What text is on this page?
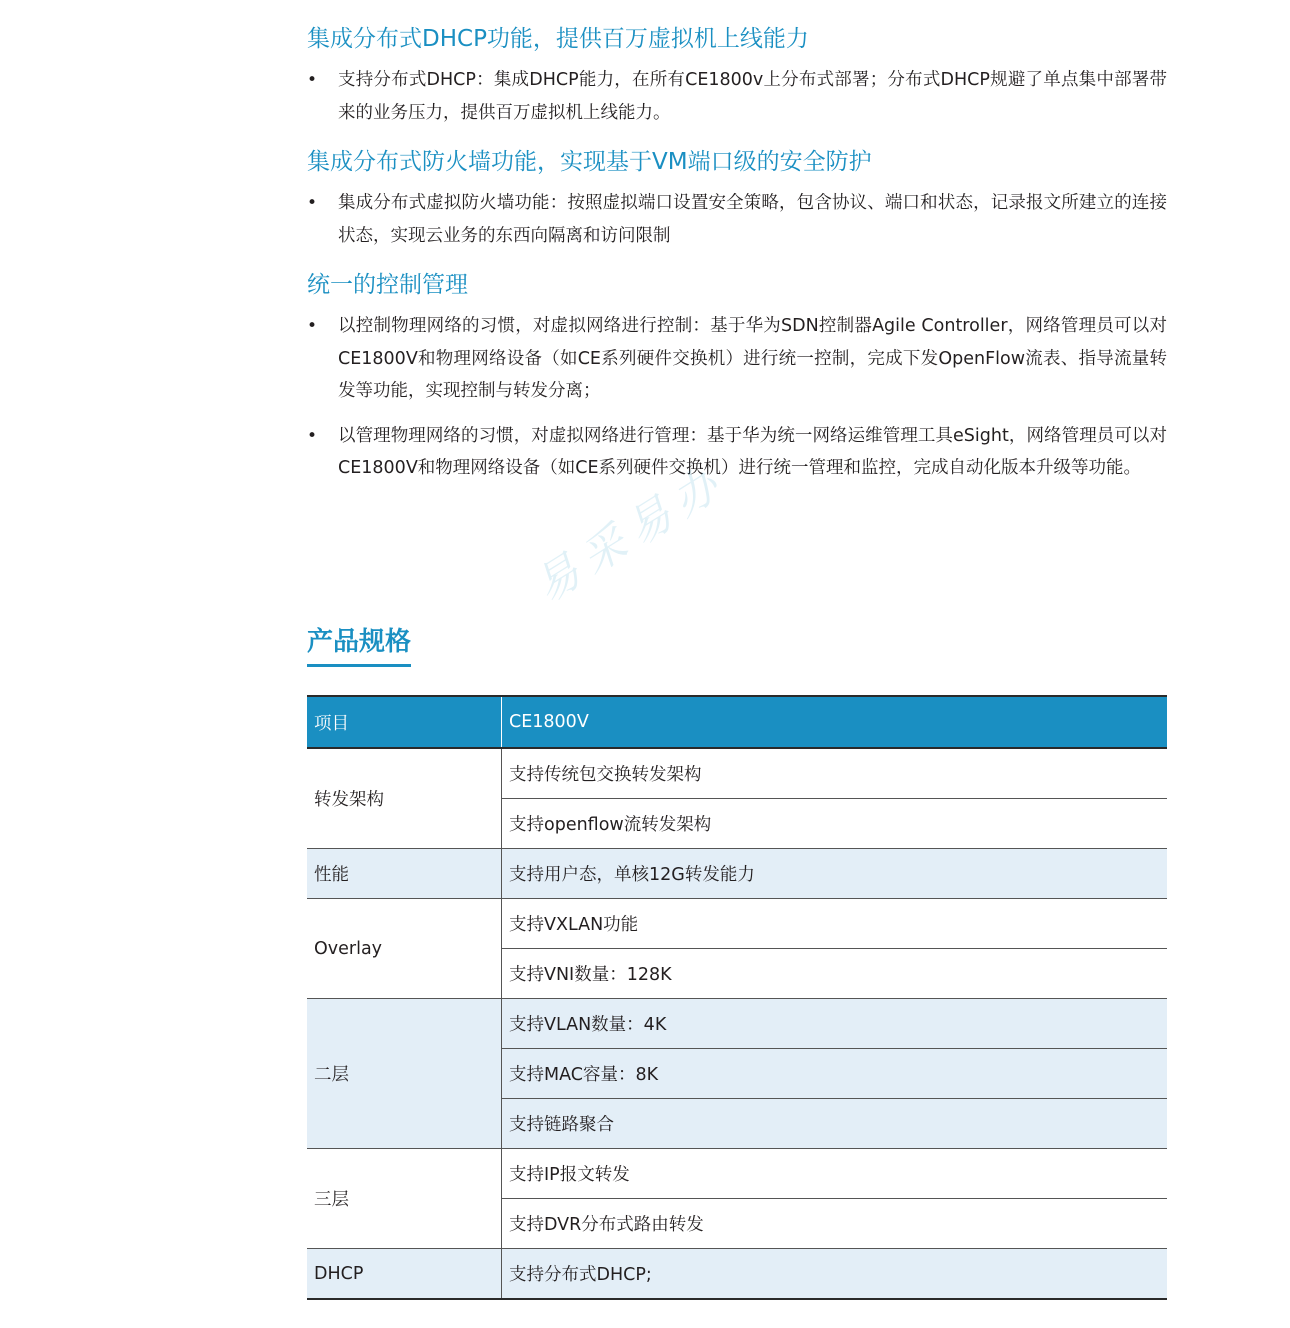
集成分布式DHCP功能，提供百万虚拟机上线能力
• 支持分布式DHCP：集成DHCP能力，在所有CE1800v上分布式部署；分布式DHCP规避了单点集中部署带来的业务压力，提供百万虚拟机上线能力。
集成分布式防火墙功能，实现基于VM端口级的安全防护
• 集成分布式虚拟防火墙功能：按照虚拟端口设置安全策略，包含协议、端口和状态，记录报文所建立的连接状态，实现云业务的东西向隔离和访问限制
统一的控制管理
• 以控制物理网络的习惯，对虚拟网络进行控制：基于华为SDN控制器Agile Controller，网络管理员可以对CE1800V和物理网络设备（如CE系列硬件交换机）进行统一控制，完成下发OpenFlow流表、指导流量转发等功能，实现控制与转发分离；
• 以管理物理网络的习惯，对虚拟网络进行管理：基于华为统一网络运维管理工具eSight，网络管理员可以对CE1800V和物理网络设备（如CE系列硬件交换机）进行统一管理和监控，完成自动化版本升级等功能。
易采易办
产品规格
项目	CE1800V
转发架构	支持传统包交换转发架构
	支持openflow流转发架构
性能	支持用户态，单核12G转发能力
Overlay	支持VXLAN功能
	支持VNI数量：128K
二层	支持VLAN数量：4K
	支持MAC容量：8K
	支持链路聚合
三层	支持IP报文转发
	支持DVR分布式路由转发
DHCP	支持分布式DHCP;
